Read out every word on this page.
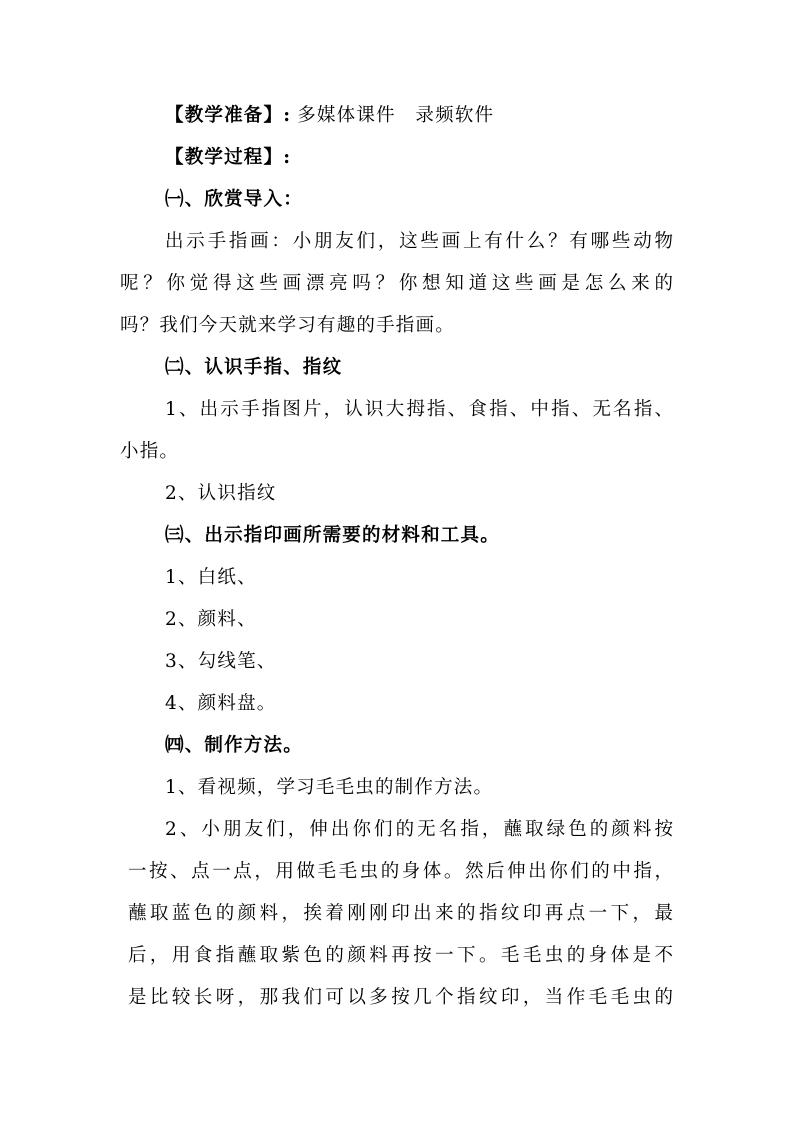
【教学准备】: 多媒体课件　录频软件
【教学过程】:
㈠、欣赏导入：
出示手指画：小朋友们，这些画上有什么？有哪些动物
呢？你觉得这些画漂亮吗？你想知道这些画是怎么来的
吗？我们今天就来学习有趣的手指画。
㈡、认识手指、指纹
1、出示手指图片，认识大拇指、食指、中指、无名指、
小指。
2、认识指纹
㈢、出示指印画所需要的材料和工具。
1、白纸、
2、颜料、
3、勾线笔、
4、颜料盘。
㈣、制作方法。
1、看视频，学习毛毛虫的制作方法。
2、小朋友们，伸出你们的无名指，蘸取绿色的颜料按
一按、点一点，用做毛毛虫的身体。然后伸出你们的中指，
蘸取蓝色的颜料，挨着刚刚印出来的指纹印再点一下，最
后，用食指蘸取紫色的颜料再按一下。毛毛虫的身体是不
是比较长呀，那我们可以多按几个指纹印，当作毛毛虫的
